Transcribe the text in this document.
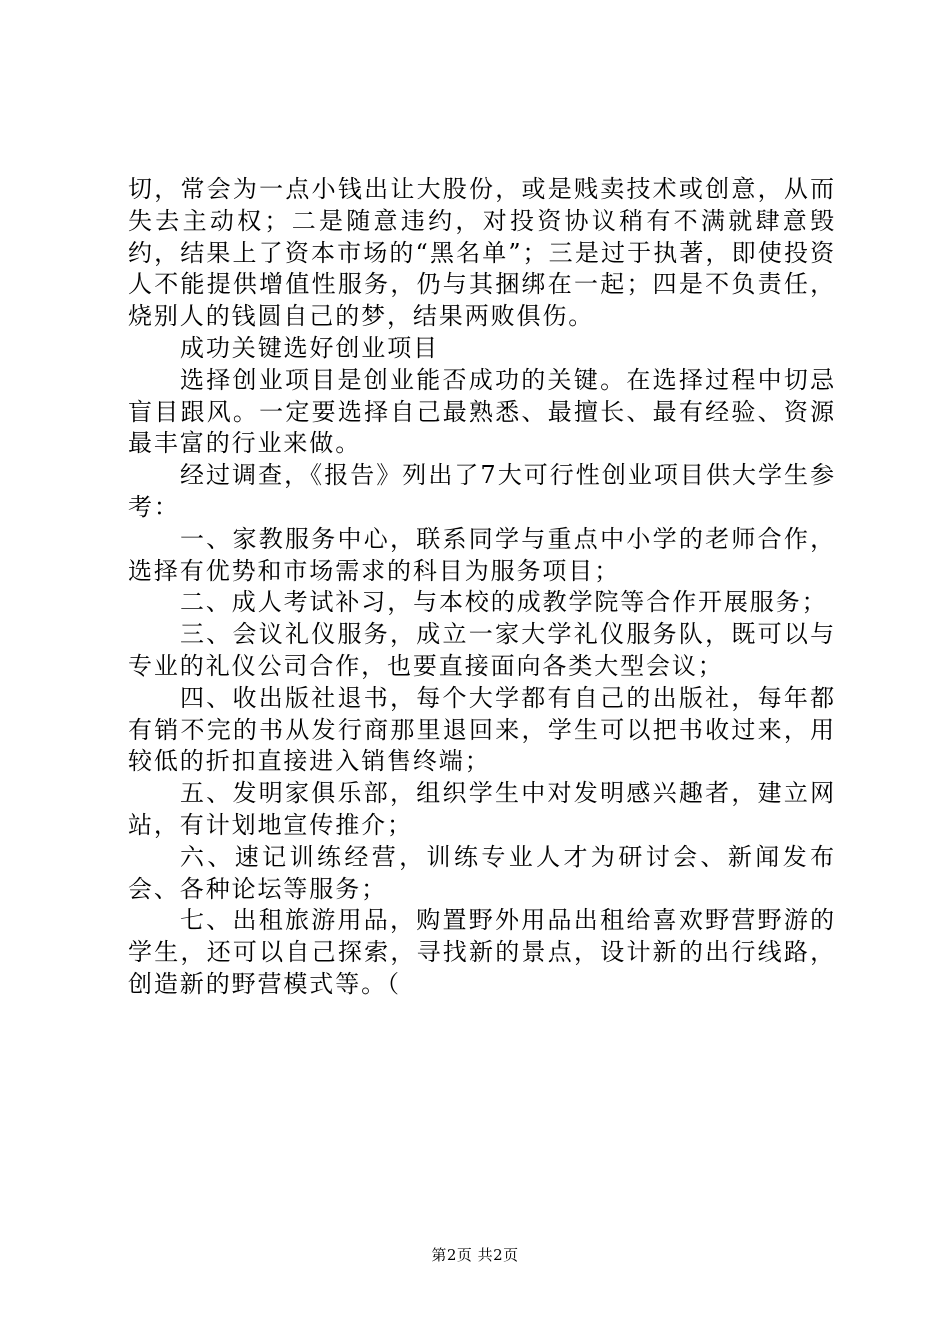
切，常会为一点小钱出让大股份，或是贱卖技术或创意，从而失去主动权；二是随意违约，对投资协议稍有不满就肆意毁约，结果上了资本市场的“黑名单”；三是过于执著，即使投资人不能提供增值性服务，仍与其捆绑在一起；四是不负责任，烧别人的钱圆自己的梦，结果两败俱伤。

成功关键选好创业项目

选择创业项目是创业能否成功的关键。在选择过程中切忌盲目跟风。一定要选择自己最熟悉、最擅长、最有经验、资源最丰富的行业来做。

经过调查，《报告》列出了7大可行性创业项目供大学生参考：

一、家教服务中心，联系同学与重点中小学的老师合作，选择有优势和市场需求的科目为服务项目；

二、成人考试补习，与本校的成教学院等合作开展服务；

三、会议礼仪服务，成立一家大学礼仪服务队，既可以与专业的礼仪公司合作，也要直接面向各类大型会议；

四、收出版社退书，每个大学都有自己的出版社，每年都有销不完的书从发行商那里退回来，学生可以把书收过来，用较低的折扣直接进入销售终端；

五、发明家俱乐部，组织学生中对发明感兴趣者，建立网站，有计划地宣传推介；

六、速记训练经营，训练专业人才为研讨会、新闻发布会、各种论坛等服务；

七、出租旅游用品，购置野外用品出租给喜欢野营野游的学生，还可以自己探索，寻找新的景点，设计新的出行线路，创造新的野营模式等。（

第2页 共2页
